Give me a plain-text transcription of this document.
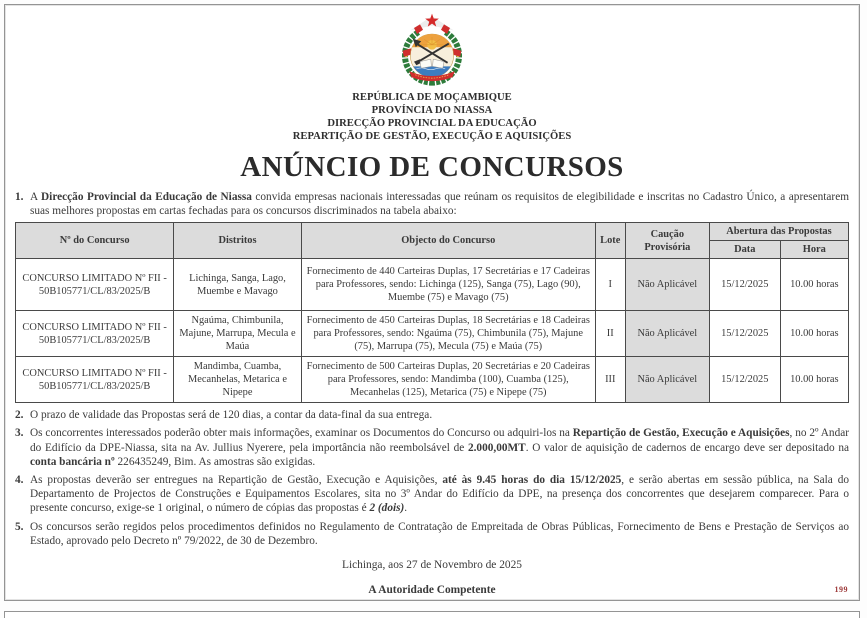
REPÚBLICA DE MOÇAMBIQUE
PROVÍNCIA DO NIASSA
DIRECÇÃO PROVINCIAL DA EDUCAÇÃO
REPARTIÇÃO DE GESTÃO, EXECUÇÃO E AQUISIÇÕES
ANÚNCIO DE CONCURSOS
1. A Direcção Provincial da Educação de Niassa convida empresas nacionais interessadas que reúnam os requisitos de elegibilidade e inscritas no Cadastro Único, a apresentarem suas melhores propostas em cartas fechadas para os concursos discriminados na tabela abaixo:
Nº do Concurso	Distritos	Objecto do Concurso	Lote	Caução Provisória	Abertura das Propostas	
					Data	Hora
CONCURSO LIMITADO Nº FII - 50B105771/CL/83/2025/B	Lichinga, Sanga, Lago, Muembe e Mavago	Fornecimento de 440 Carteiras Duplas, 17 Secretárias e 17 Cadeiras para Professores, sendo: Lichinga (125), Sanga (75), Lago (90), Muembe (75) e Mavago (75)	I	Não Aplicável	15/12/2025	10.00 horas
CONCURSO LIMITADO Nº FII - 50B105771/CL/83/2025/B	Ngaúma, Chimbunila, Majune, Marrupa, Mecula e Maúa	Fornecimento de 450 Carteiras Duplas, 18 Secretárias e 18 Cadeiras para Professores, sendo: Ngaúma (75), Chimbunila (75), Majune (75), Marrupa (75), Mecula (75) e Maúa (75)	II	Não Aplicável	15/12/2025	10.00 horas
CONCURSO LIMITADO Nº FII - 50B105771/CL/83/2025/B	Mandimba, Cuamba, Mecanhelas, Metarica e Nipepe	Fornecimento de 500 Carteiras Duplas, 20 Secretárias e 20 Cadeiras para Professores, sendo: Mandimba (100), Cuamba (125), Mecanhelas (125), Metarica (75) e Nipepe (75)	III	Não Aplicável	15/12/2025	10.00 horas
2. O prazo de validade das Propostas será de 120 dias, a contar da data-final da sua entrega.
3. Os concorrentes interessados poderão obter mais informações, examinar os Documentos do Concurso ou adquiri-los na Repartição de Gestão, Execução e Aquisições, no 2º Andar do Edifício da DPE-Niassa, sita na Av. Jullius Nyerere, pela importância não reembolsável de 2.000,00MT. O valor de aquisição de cadernos de encargo deve ser depositado na conta bancária nº 226435249, Bim. As amostras são exigidas.
4. As propostas deverão ser entregues na Repartição de Gestão, Execução e Aquisições, até às 9.45 horas do dia 15/12/2025, e serão abertas em sessão pública, na Sala do Departamento de Projectos de Construções e Equipamentos Escolares, sita no 3º Andar do Edifício da DPE, na presença dos concorrentes que desejarem comparecer. Para o presente concurso, exige-se 1 original, o número de cópias das propostas é 2 (dois).
5. Os concursos serão regidos pelos procedimentos definidos no Regulamento de Contratação de Empreitada de Obras Públicas, Fornecimento de Bens e Prestação de Serviços ao Estado, aprovado pelo Decreto nº 79/2022, de 30 de Dezembro.
Lichinga, aos 27 de Novembro de 2025
A Autoridade Competente	199
